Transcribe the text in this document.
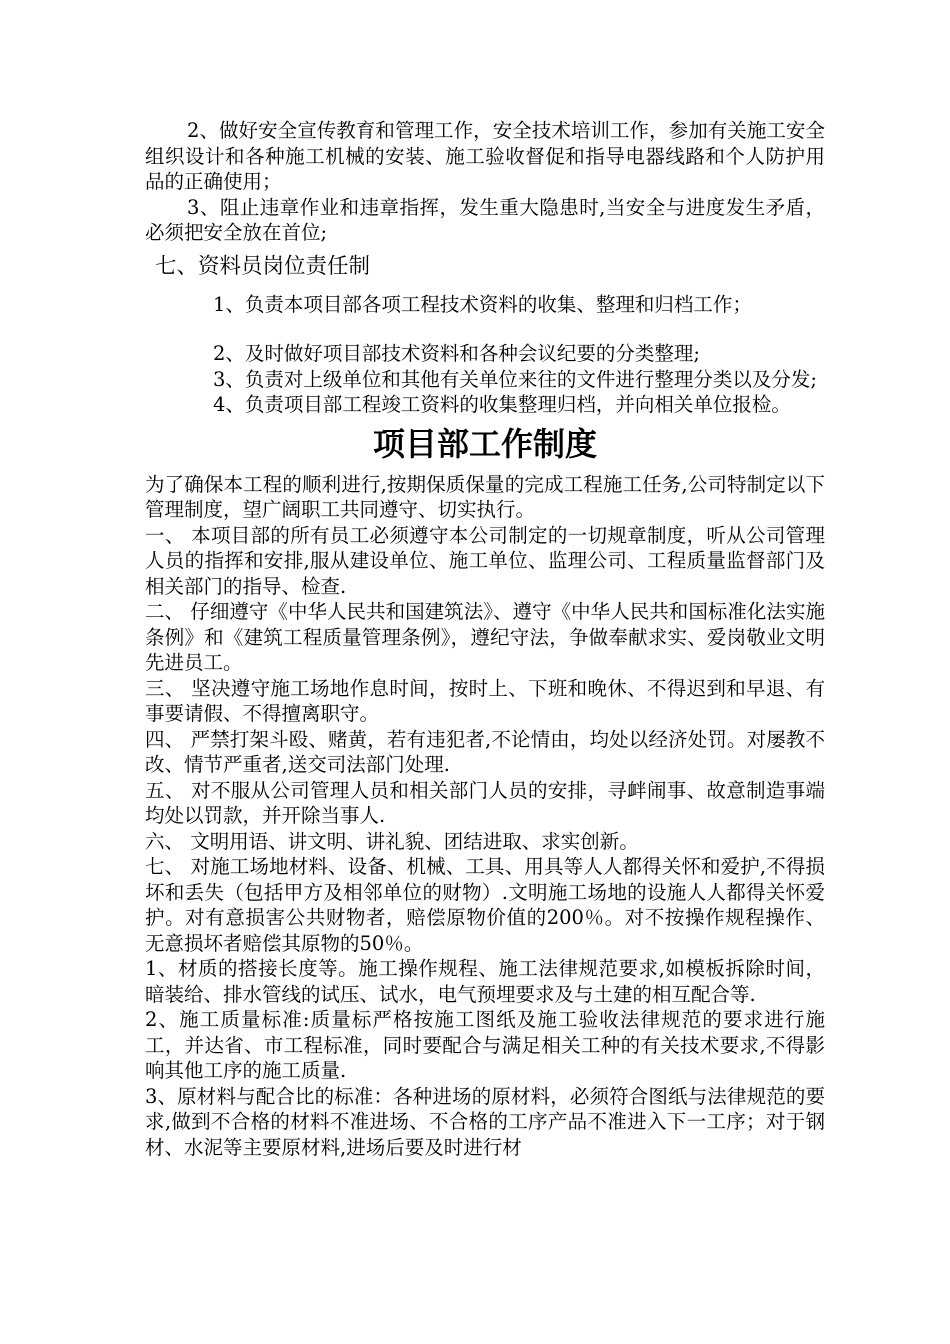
2、做好安全宣传教育和管理工作，安全技术培训工作，参加有关施工安全组织设计和各种施工机械的安装、施工验收督促和指导电器线路和个人防护用品的正确使用；

3、阻止违章作业和违章指挥，发生重大隐患时,当安全与进度发生矛盾，必须把安全放在首位;

七、资料员岗位责任制

1、负责本项目部各项工程技术资料的收集、整理和归档工作；

2、及时做好项目部技术资料和各种会议纪要的分类整理;

3、负责对上级单位和其他有关单位来往的文件进行整理分类以及分发;

4、负责项目部工程竣工资料的收集整理归档，并向相关单位报检。

项目部工作制度

为了确保本工程的顺利进行,按期保质保量的完成工程施工任务,公司特制定以下管理制度，望广阔职工共同遵守、切实执行。

一、 本项目部的所有员工必须遵守本公司制定的一切规章制度，听从公司管理人员的指挥和安排,服从建设单位、施工单位、监理公司、工程质量监督部门及相关部门的指导、检查.

二、 仔细遵守《中华人民共和国建筑法》、遵守《中华人民共和国标准化法实施条例》和《建筑工程质量管理条例》，遵纪守法，争做奉献求实、爱岗敬业文明先进员工。

三、 坚决遵守施工场地作息时间，按时上、下班和晚休、不得迟到和早退、有事要请假、不得擅离职守。

四、 严禁打架斗殴、赌黄，若有违犯者,不论情由，均处以经济处罚。对屡教不改、情节严重者,送交司法部门处理.

五、 对不服从公司管理人员和相关部门人员的安排，寻衅闹事、故意制造事端均处以罚款，并开除当事人.

六、 文明用语、讲文明、讲礼貌、团结进取、求实创新。

七、 对施工场地材料、设备、机械、工具、用具等人人都得关怀和爱护,不得损坏和丢失（包括甲方及相邻单位的财物）.文明施工场地的设施人人都得关怀爱护。对有意损害公共财物者，赔偿原物价值的200％。对不按操作规程操作、无意损坏者赔偿其原物的50％。

1、材质的搭接长度等。施工操作规程、施工法律规范要求,如模板拆除时间，暗装给、排水管线的试压、试水，电气预埋要求及与土建的相互配合等.

2、施工质量标准:质量标严格按施工图纸及施工验收法律规范的要求进行施工，并达省、市工程标准，同时要配合与满足相关工种的有关技术要求,不得影响其他工序的施工质量.

3、原材料与配合比的标准：各种进场的原材料，必须符合图纸与法律规范的要求,做到不合格的材料不准进场、不合格的工序产品不准进入下一工序；对于钢材、水泥等主要原材料,进场后要及时进行材
